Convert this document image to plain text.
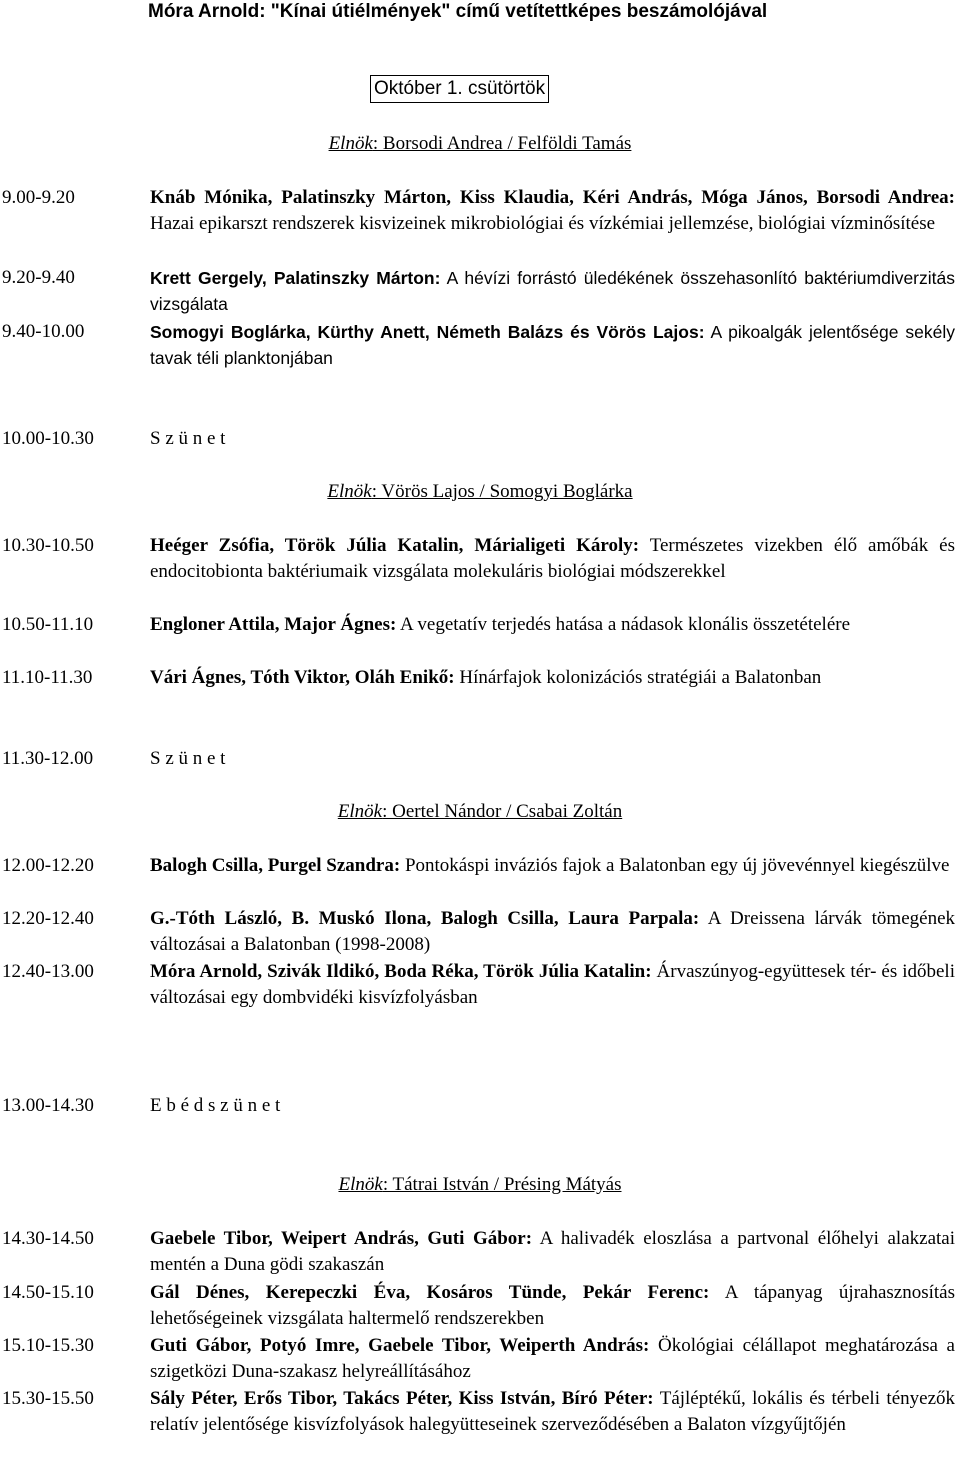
Móra Arnold: "Kínai útiélmények" című vetítettképes beszámolójával
Október 1. csütörtök
Elnök: Borsodi Andrea / Felföldi Tamás
9.00-9.20	Knáb Mónika, Palatinszky Márton, Kiss Klaudia, Kéri András, Móga János, Borsodi Andrea: Hazai epikarszt rendszerek kisvizeinek mikrobiológiai és vízkémiai jellemzése, biológiai vízminősítése
9.20-9.40	Krett Gergely, Palatinszky Márton: A hévízi forrástó üledékének összehasonlító baktériumdiverzitás vizsgálata
9.40-10.00	Somogyi Boglárka, Kürthy Anett, Németh Balázs és Vörös Lajos: A pikoalgák jelentősége sekély tavak téli planktonjában
10.00-10.30	S z ü n e t
Elnök: Vörös Lajos / Somogyi Boglárka
10.30-10.50	Heéger Zsófia, Török Júlia Katalin, Márialigeti Károly: Természetes vizekben élő amőbák és endocitobionta baktériumaik vizsgálata molekuláris biológiai módszerekkel
10.50-11.10	Engloner Attila, Major Ágnes: A vegetatív terjedés hatása a nádasok klonális összetételére
11.10-11.30	Vári Ágnes, Tóth Viktor, Oláh Enikő: Hínárfajok kolonizációs stratégiái a Balatonban
11.30-12.00	S z ü n e t
Elnök: Oertel Nándor / Csabai Zoltán
12.00-12.20	Balogh Csilla, Purgel Szandra: Pontokáspi inváziós fajok a Balatonban egy új jövevénnyel kiegészülve
12.20-12.40	G.-Tóth László, B. Muskó Ilona, Balogh Csilla, Laura Parpala: A Dreissena lárvák tömegének változásai a Balatonban (1998-2008)
12.40-13.00	Móra Arnold, Szivák Ildikó, Boda Réka, Török Júlia Katalin: Árvaszúnyog-együttesek tér- és időbeli változásai egy dombvidéki kisvízfolyásban
13.00-14.30	E b é d s z ü n e t
Elnök: Tátrai István / Présing Mátyás
14.30-14.50	Gaebele Tibor, Weipert András, Guti Gábor: A halivadék eloszlása a partvonal élőhelyi alakzatai mentén a Duna gödi szakaszán
14.50-15.10	Gál Dénes, Kerepeczki Éva, Kosáros Tünde, Pekár Ferenc: A tápanyag újrahasznosítás lehetőségeinek vizsgálata haltermelő rendszerekben
15.10-15.30	Guti Gábor, Potyó Imre, Gaebele Tibor, Weiperth András: Ökológiai célállapot meghatározása a szigetközi Duna-szakasz helyreállításához
15.30-15.50	Sály Péter, Erős Tibor, Takács Péter, Kiss István, Bíró Péter: Tájléptékű, lokális és térbeli tényezők relatív jelentősége kisvízfolyások halegyütteseinek szerveződésében a Balaton vízgyűjtőjén
